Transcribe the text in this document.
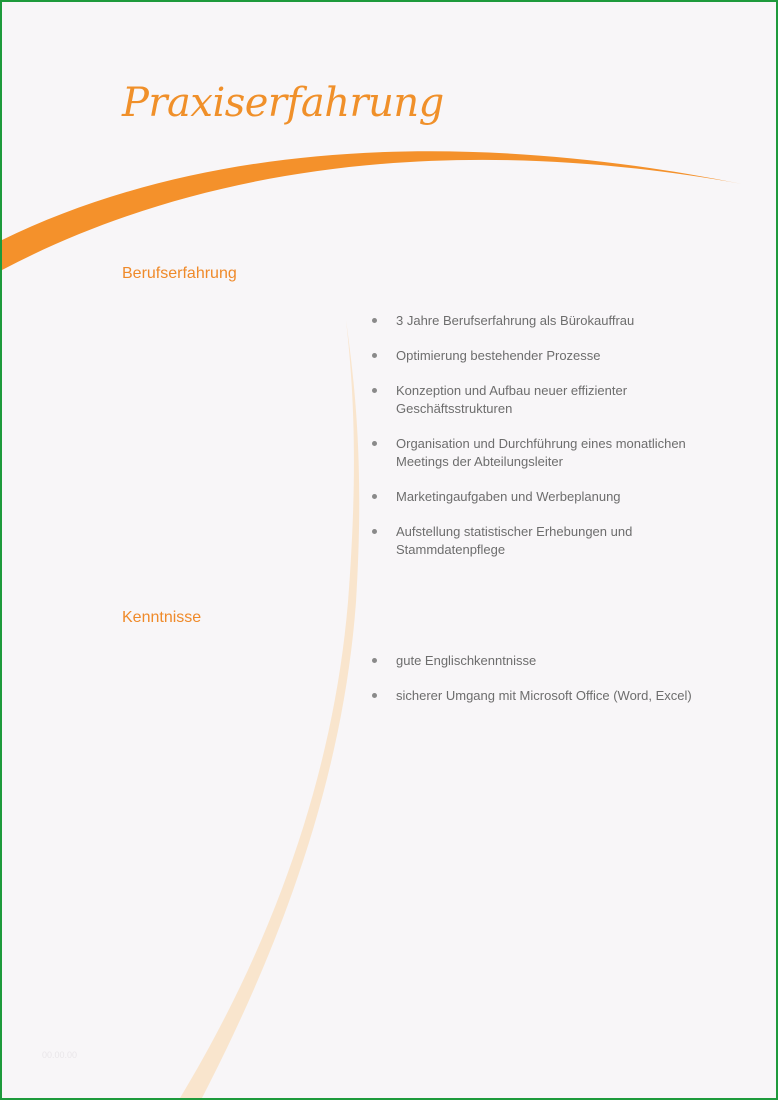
Praxiserfahrung
Berufserfahrung
3 Jahre Berufserfahrung als Bürokauffrau
Optimierung bestehender Prozesse
Konzeption und Aufbau neuer effizienter Geschäftsstrukturen
Organisation und Durchführung eines monatlichen Meetings der Abteilungsleiter
Marketingaufgaben und Werbeplanung
Aufstellung statistischer Erhebungen und Stammdatenpflege
Kenntnisse
gute Englischkenntnisse
sicherer Umgang mit Microsoft Office (Word, Excel)
00.00.00
